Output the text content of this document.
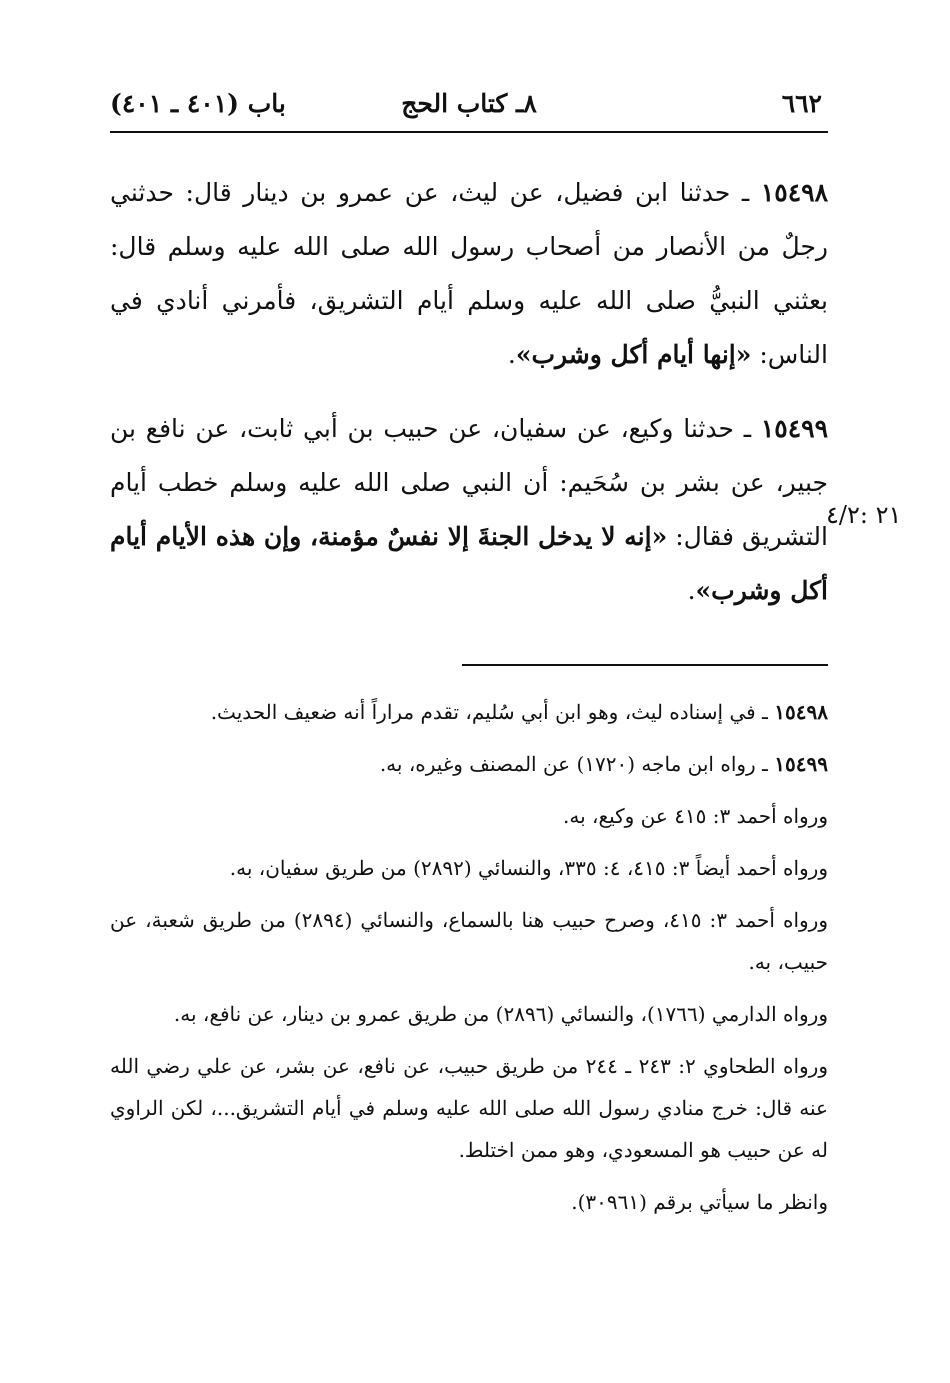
٦٦٢
٨ـ كتاب الحج
باب (٤٠١ ـ ٤٠١)

١٥٤٩٨ ـ حدثنا ابن فضيل، عن ليث، عن عمرو بن دينار قال: حدثني رجلٌ من الأنصار من أصحاب رسول الله صلى الله عليه وسلم قال: بعثني النبيُّ صلى الله عليه وسلم أيام التشريق، فأمرني أنادي في الناس: «إنها أيام أكل وشرب».

١٥٤٩٩ ـ حدثنا وكيع، عن سفيان، عن حبيب بن أبي ثابت، عن نافع بن جبير، عن بشر بن سُحَيم: أن النبي صلى الله عليه وسلم خطب أيام التشريق فقال: «إنه لا يدخل الجنةَ إلا نفسٌ مؤمنة، وإن هذه الأيام أيام أكل وشرب».

٢١ :٤/٢

١٥٤٩٨ ـ في إسناده ليث، وهو ابن أبي سُليم، تقدم مراراً أنه ضعيف الحديث.

١٥٤٩٩ ـ رواه ابن ماجه (١٧٢٠) عن المصنف وغيره، به.

ورواه أحمد ٣: ٤١٥ عن وكيع، به.

ورواه أحمد أيضاً ٣: ٤١٥، ٤: ٣٣٥، والنسائي (٢٨٩٢) من طريق سفيان، به.

ورواه أحمد ٣: ٤١٥، وصرح حبيب هنا بالسماع، والنسائي (٢٨٩٤) من طريق شعبة، عن حبيب، به.

ورواه الدارمي (١٧٦٦)، والنسائي (٢٨٩٦) من طريق عمرو بن دينار، عن نافع، به.

ورواه الطحاوي ٢: ٢٤٣ ـ ٢٤٤ من طريق حبيب، عن نافع، عن بشر، عن علي رضي الله عنه قال: خرج منادي رسول الله صلى الله عليه وسلم في أيام التشريق...، لكن الراوي له عن حبيب هو المسعودي، وهو ممن اختلط.

وانظر ما سيأتي برقم (٣٠٩٦١).
